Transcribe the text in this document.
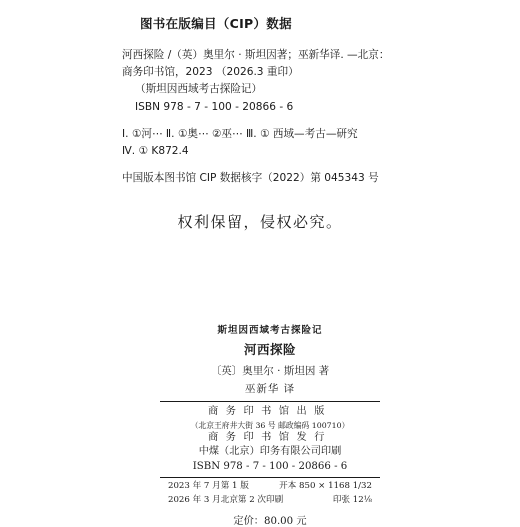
图书在版编目（CIP）数据
河西探险 /（英）奥里尔 · 斯坦因著；巫新华译. —北京：
商务印书馆，2023 （2026.3 重印）
（斯坦因西域考古探险记）
ISBN 978 - 7 - 100 - 20866 - 6
Ⅰ. ①河⋯ Ⅱ. ①奥⋯ ②巫⋯ Ⅲ. ① 西域—考古—研究
Ⅳ. ① K872.4
中国版本图书馆 CIP 数据核字（2022）第 045343 号
权利保留，侵权必究。
斯坦因西域考古探险记
河西探险
〔英〕奥里尔 · 斯坦因 著
巫新华 译
商务印书馆出版
（北京王府井大街 36 号 邮政编码 100710）
商务印书馆发行
中煤（北京）印务有限公司印刷
ISBN 978 - 7 - 100 - 20866 - 6
2023 年 7 月第 1 版	开本 850 × 1168 1/32
2026 年 3 月北京第 2 次印刷	印张 12⅛
定价：80.00 元
